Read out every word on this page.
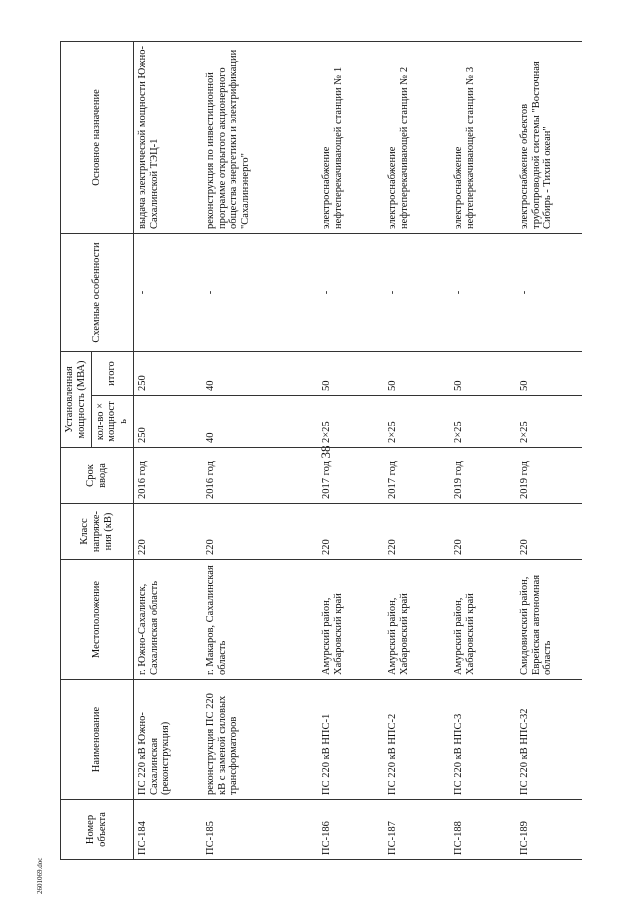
38
2601069.doc
Номер объекта	Наименование	Местоположение	Класс напряже-ния (кВ)	Срок ввода	Установленная мощность (МВА)		Схемные особенности	Основное назначение
					кол-во × мощность	итого		
ПС-184	ПС 220 кВ Южно-Сахалинская (реконструкция)	г. Южно-Сахалинск, Сахалинская область	220	2016 год	250	250	-	выдача электрической мощности Южно-Сахалинской ТЭЦ-1
ПС-185	реконструкция ПС 220 кВ с заменой силовых трансформаторов	г. Макаров, Сахалинская область	220	2016 год	40	40	-	реконструкция по инвестиционной программе открытого акционерного общества энергетики и электрификации "Сахалинэнерго"
ПС-186	ПС 220 кВ НПС-1	Амурский район, Хабаровский край	220	2017 год	2×25	50	-	электроснабжение нефтеперекачивающей станции № 1
ПС-187	ПС 220 кВ НПС-2	Амурский район, Хабаровский край	220	2017 год	2×25	50	-	электроснабжение нефтеперекачивающей станции № 2
ПС-188	ПС 220 кВ НПС-3	Амурский район, Хабаровский край	220	2019 год	2×25	50	-	электроснабжение нефтеперекачивающей станции № 3
ПС-189	ПС 220 кВ НПС-32	Смидовичский район, Еврейская автономная область	220	2019 год	2×25	50	-	электроснабжение объектов трубопроводной системы "Восточная Сибирь - Тихий океан"
